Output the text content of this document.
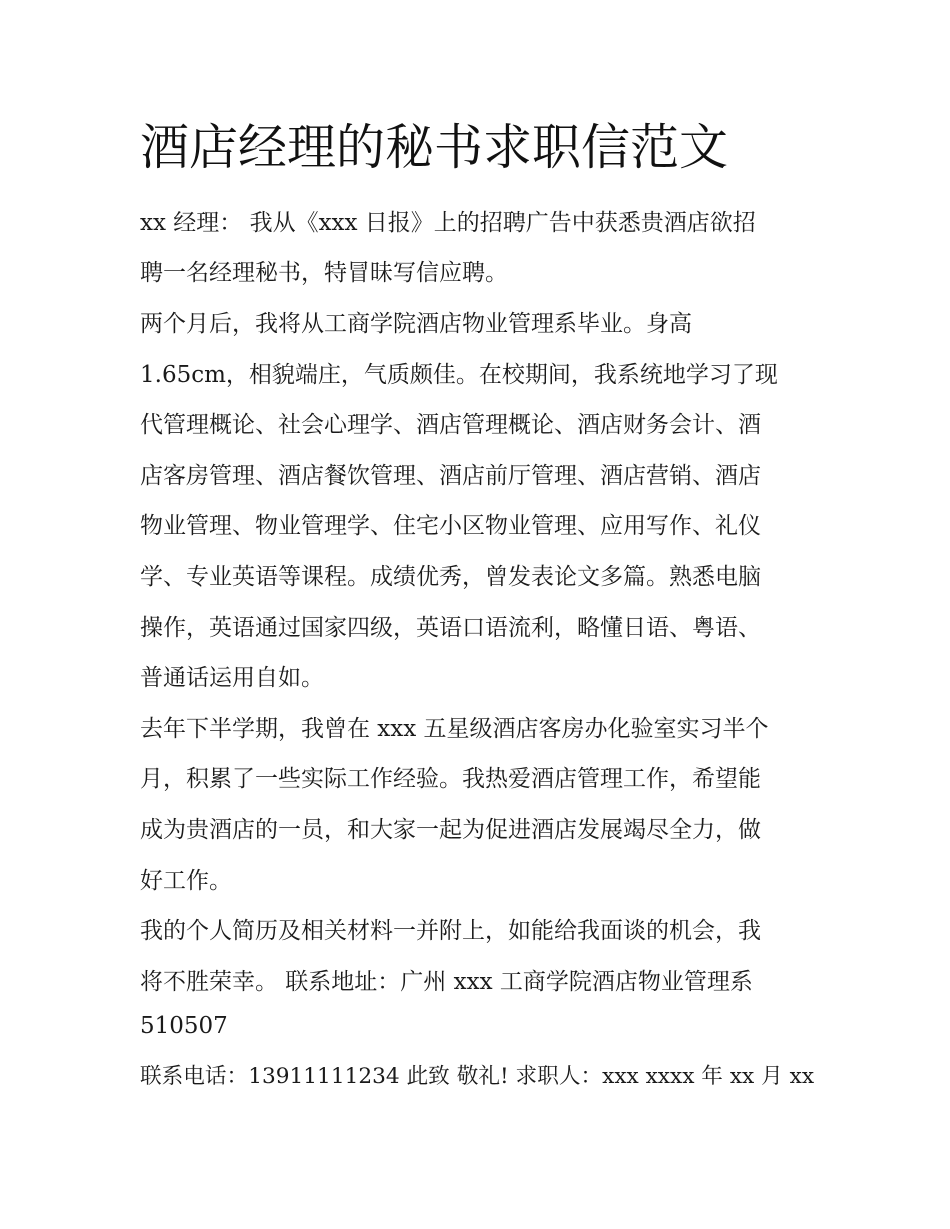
酒店经理的秘书求职信范文

xx 经理： 我从《xxx 日报》上的招聘广告中获悉贵酒店欲招

聘一名经理秘书，特冒昧写信应聘。

两个月后，我将从工商学院酒店物业管理系毕业。身高

1.65cm，相貌端庄，气质颇佳。在校期间，我系统地学习了现

代管理概论、社会心理学、酒店管理概论、酒店财务会计、酒

店客房管理、酒店餐饮管理、酒店前厅管理、酒店营销、酒店

物业管理、物业管理学、住宅小区物业管理、应用写作、礼仪

学、专业英语等课程。成绩优秀，曾发表论文多篇。熟悉电脑

操作，英语通过国家四级，英语口语流利，略懂日语、粤语、

普通话运用自如。

去年下半学期，我曾在 xxx 五星级酒店客房办化验室实习半个

月，积累了一些实际工作经验。我热爱酒店管理工作，希望能

成为贵酒店的一员，和大家一起为促进酒店发展竭尽全力，做

好工作。

我的个人简历及相关材料一并附上，如能给我面谈的机会，我

将不胜荣幸。 联系地址：广州 xxx 工商学院酒店物业管理系

510507

联系电话：13911111234 此致 敬礼! 求职人：xxx xxxx 年 xx 月 xx
